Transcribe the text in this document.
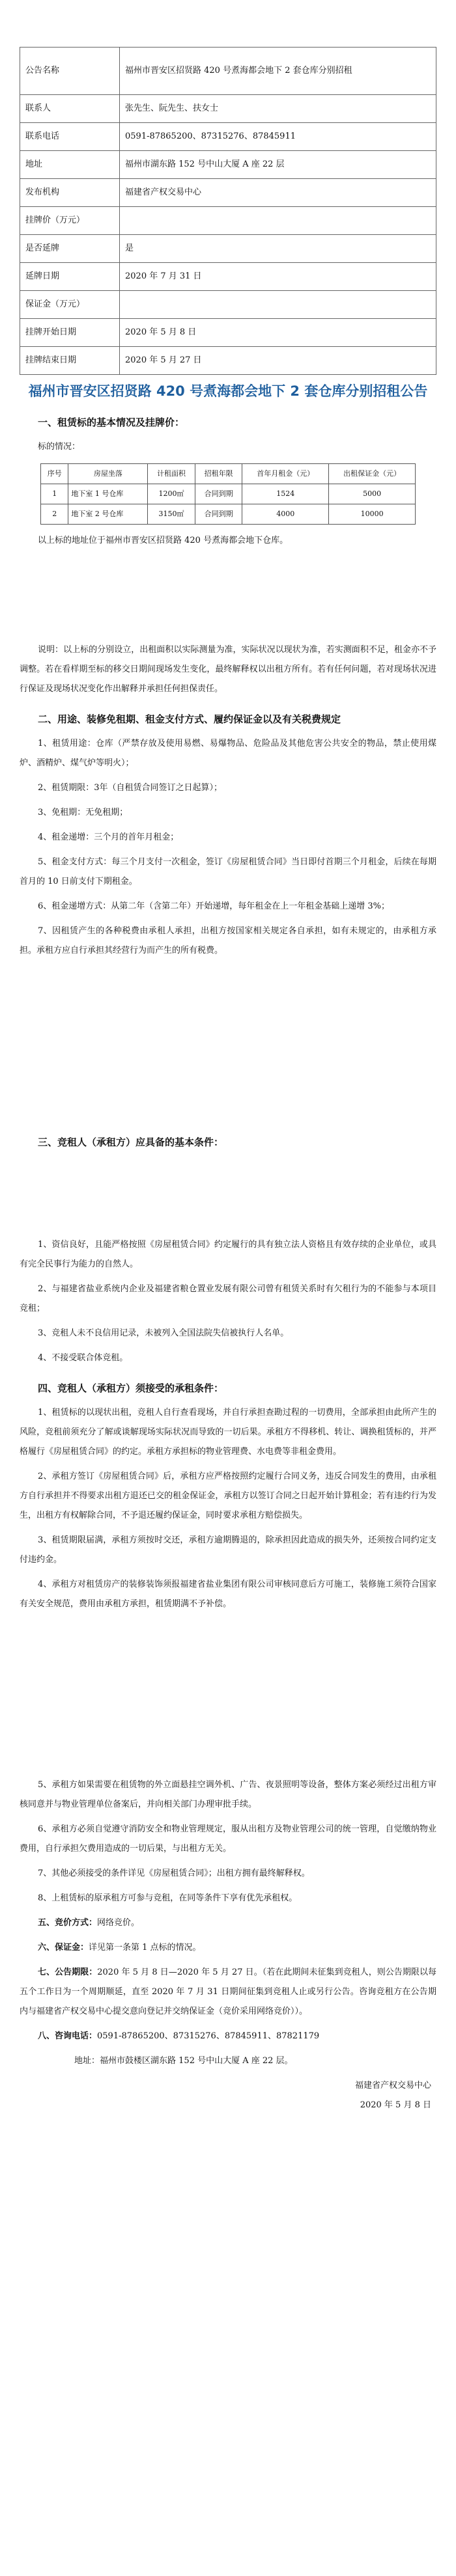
公告名称	福州市晋安区招贤路 420 号煮海都会地下 2 套仓库分别招租
联系人	张先生、阮先生、扶女士
联系电话	0591-87865200、87315276、87845911
地址	福州市湖东路 152 号中山大厦 A 座 22 层
发布机构	福建省产权交易中心
挂牌价（万元）	
是否延牌	是
延牌日期	2020 年 7 月 31 日
保证金（万元）	
挂牌开始日期	2020 年 5 月 8 日
挂牌结束日期	2020 年 5 月 27 日
福州市晋安区招贤路 420 号煮海都会地下 2 套仓库分别招租公告
一、租赁标的基本情况及挂牌价：

标的情况：

序号	房屋坐落	计租面积	招租年限	首年月租金（元）	出租保证金（元）
1	地下室 1 号仓库	1200㎡	合同到期	1524	5000
2	地下室 2 号仓库	3150㎡	合同到期	4000	10000

以上标的地址位于福州市晋安区招贤路 420 号煮海都会地下仓库。

说明：以上标的分别设立，出租面积以实际测量为准，实际状况以现状为准，若实测面积不足，租金亦不予调整。若在看样期至标的移交日期间现场发生变化，最终解释权以出租方所有。若有任何问题，若对现场状况进行保证及现场状况变化作出解释并承担任何担保责任。

二、用途、装修免租期、租金支付方式、履约保证金以及有关税费规定

1、租赁用途：仓库（严禁存放及使用易燃、易爆物品、危险品及其他危害公共安全的物品，禁止使用煤炉、酒精炉、煤气炉等明火）；

2、租赁期限：3年（自租赁合同签订之日起算）；

3、免租期：无免租期；

4、租金递增：三个月的首年月租金；

5、租金支付方式：每三个月支付一次租金，签订《房屋租赁合同》当日即付首期三个月租金，后续在每期首月的 10 日前支付下期租金。

6、租金递增方式：从第二年（含第二年）开始递增，每年租金在上一年租金基础上递增 3%；

7、因租赁产生的各种税费由承租人承担，出租方按国家相关规定各自承担，如有未规定的，由承租方承担。承租方应自行承担其经营行为而产生的所有税费。

三、竞租人（承租方）应具备的基本条件：

1、资信良好，且能严格按照《房屋租赁合同》约定履行的具有独立法人资格且有效存续的企业单位，或具有完全民事行为能力的自然人。

2、与福建省盐业系统内企业及福建省粮仓置业发展有限公司曾有租赁关系时有欠租行为的不能参与本项目竞租；

3、竞租人未不良信用记录，未被列入全国法院失信被执行人名单。

4、不接受联合体竞租。

四、竞租人（承租方）须接受的承租条件：

1、租赁标的以现状出租，竞租人自行查看现场，并自行承担查勘过程的一切费用，全部承担由此所产生的风险，竞租前须充分了解或谈解现场实际状况而导致的一切后果。承租方不得移机、转让、调换租赁标的，并严格履行《房屋租赁合同》的约定。承租方承担标的物业管理费、水电费等非租金费用。

2、承租方签订《房屋租赁合同》后，承租方应严格按照约定履行合同义务，违反合同发生的费用，由承租方自行承担并不得要求出租方退还已交的租金保证金，承租方以签订合同之日起开始计算租金；若有违约行为发生，出租方有权解除合同，不予退还履约保证金，同时要求承租方赔偿损失。

3、租赁期限届满，承租方须按时交还，承租方逾期腾退的，除承担因此造成的损失外，还须按合同约定支付违约金。

4、承租方对租赁房产的装修装饰须报福建省盐业集团有限公司审核同意后方可施工，装修施工须符合国家有关安全规范，费用由承租方承担，租赁期满不予补偿。

5、承租方如果需要在租赁物的外立面悬挂空调外机、广告、夜景照明等设备，整体方案必须经过出租方审核同意并与物业管理单位备案后，并向相关部门办理审批手续。

6、承租方必须自觉遵守消防安全和物业管理规定，服从出租方及物业管理公司的统一管理，自觉缴纳物业费用，自行承担欠费用造成的一切后果，与出租方无关。

7、其他必须接受的条件详见《房屋租赁合同》；出租方拥有最终解释权。

8、上租赁标的原承租方可参与竞租，在同等条件下享有优先承租权。

五、竞价方式：网络竞价。

六、保证金：详见第一条第 1 点标的情况。

七、公告期限：2020 年 5 月 8 日—2020 年 5 月 27 日。（若在此期间未征集到竞租人，则公告期限以每五个工作日为一个周期顺延，直至 2020 年 7 月 31 日期间征集到竞租人止或另行公告。咨询竞租方在公告期内与福建省产权交易中心提交意向登记并交纳保证金（竞价采用网络竞价））。

八、咨询电话：0591-87865200、87315276、87845911、87821179

地址：福州市鼓楼区湖东路 152 号中山大厦 A 座 22 层。

福建省产权交易中心
2020 年 5 月 8 日
